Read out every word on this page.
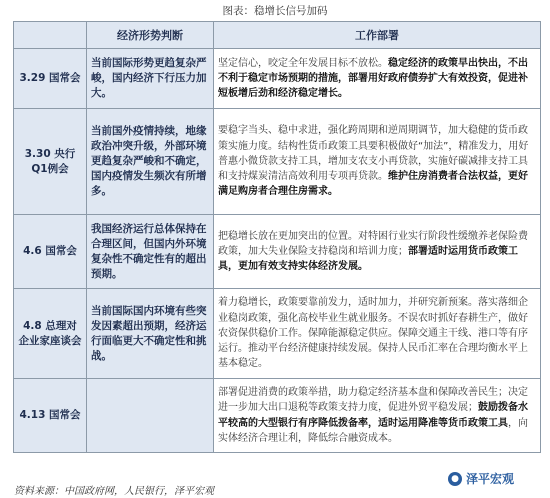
图表：稳增长信号加码
	经济形势判断	工作部署
3.29 国常会	当前国际形势更趋复杂严峻，国内经济下行压力加大。	坚定信心，咬定全年发展目标不放松。稳定经济的政策早出快出，不出不利于稳定市场预期的措施，部署用好政府债券扩大有效投资，促进补短板增后劲和经济稳定增长。
3.30 央行Q1例会	当前国外疫情持续，地缘政治冲突升级，外部环境更趋复杂严峻和不确定，国内疫情发生频次有所增多。	要稳字当头、稳中求进，强化跨周期和逆周期调节，加大稳健的货币政策实施力度。结构性货币政策工具要积极做好“加法”，精准发力，用好普惠小微贷款支持工具，增加支农支小再贷款，实施好碳减排支持工具和支持煤炭清洁高效利用专项再贷款。维护住房消费者合法权益，更好满足购房者合理住房需求。
4.6 国常会	我国经济运行总体保持在合理区间，但国内外环境复杂性不确定性有的超出预期。	把稳增长放在更加突出的位置。对特困行业实行阶段性缓缴养老保险费政策，加大失业保险支持稳岗和培训力度；部署适时运用货币政策工具，更加有效支持实体经济发展。
4.8 总理对企业家座谈会	当前国际国内环境有些突发因素超出预期，经济运行面临更大不确定性和挑战。	着力稳增长，政策要靠前发力，适时加力，并研究新预案。落实落细企业稳岗政策，强化高校毕业生就业服务。不误农时抓好春耕生产，做好农资保供稳价工作。保障能源稳定供应。保障交通主干线、港口等有序运行。推动平台经济健康持续发展。保持人民币汇率在合理均衡水平上基本稳定。
4.13 国常会		部署促进消费的政策举措，助力稳定经济基本盘和保障改善民生；决定进一步加大出口退税等政策支持力度，促进外贸平稳发展；鼓励拨备水平较高的大型银行有序降低拨备率，适时运用降准等货币政策工具，向实体经济合理让利，降低综合融资成本。
资料来源：中国政府网，人民银行，泽平宏观
● 泽平宏观
